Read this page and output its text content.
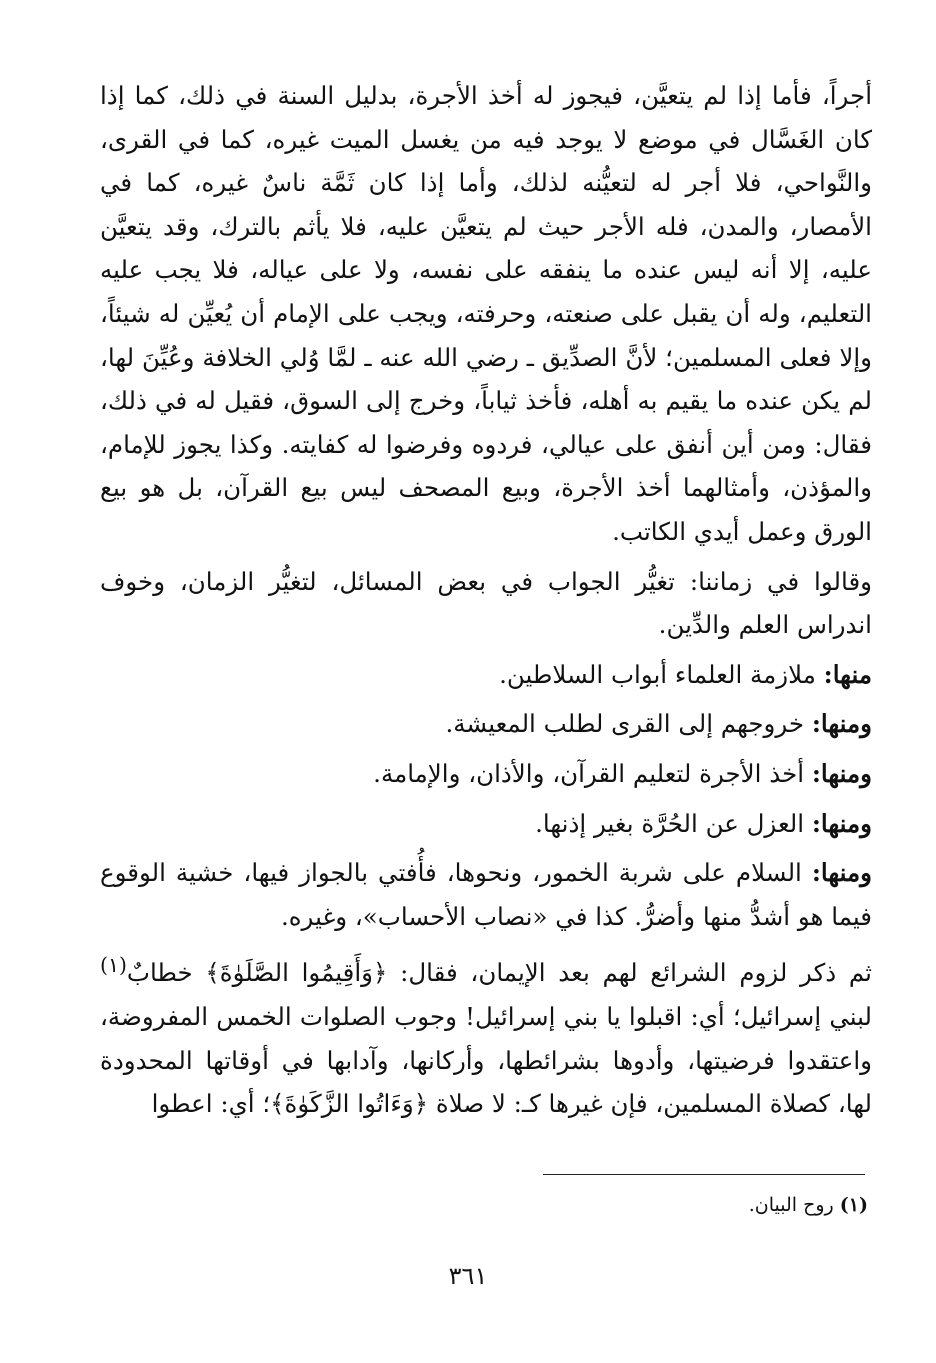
أجراً، فأما إذا لم يتعيَّن، فيجوز له أخذ الأجرة، بدليل السنة في ذلك، كما إذا كان الغَسَّال في موضع لا يوجد فيه من يغسل الميت غيره، كما في القرى، والنَّواحي، فلا أجر له لتعيُّنه لذلك، وأما إذا كان ثَمَّة ناسٌ غيره، كما في الأمصار، والمدن، فله الأجر حيث لم يتعيَّن عليه، فلا يأثم بالترك، وقد يتعيَّن عليه، إلا أنه ليس عنده ما ينفقه على نفسه، ولا على عياله، فلا يجب عليه التعليم، وله أن يقبل على صنعته، وحرفته، ويجب على الإمام أن يُعيِّن له شيئاً، وإلا فعلى المسلمين؛ لأنَّ الصدِّيق ـ رضي الله عنه ـ لمَّا وُلي الخلافة وعُيِّنَ لها، لم يكن عنده ما يقيم به أهله، فأخذ ثياباً، وخرج إلى السوق، فقيل له في ذلك، فقال: ومن أين أنفق على عيالي، فردوه وفرضوا له كفايته. وكذا يجوز للإمام، والمؤذن، وأمثالهما أخذ الأجرة، وبيع المصحف ليس بيع القرآن، بل هو بيع الورق وعمل أيدي الكاتب.

وقالوا في زماننا: تغيُّر الجواب في بعض المسائل، لتغيُّر الزمان، وخوف اندراس العلم والدِّين.

منها: ملازمة العلماء أبواب السلاطين.

ومنها: خروجهم إلى القرى لطلب المعيشة.

ومنها: أخذ الأجرة لتعليم القرآن، والأذان، والإمامة.

ومنها: العزل عن الحُرَّة بغير إذنها.

ومنها: السلام على شربة الخمور، ونحوها، فأُفتي بالجواز فيها، خشية الوقوع فيما هو أشدُّ منها وأضرُّ. كذا في «نصاب الأحساب»، وغيره.

ثم ذكر لزوم الشرائع لهم بعد الإيمان، فقال: ﴿وَأَقِيمُوا الصَّلَوٰةَ﴾ خطابٌ$^{(١)}$ لبني إسرائيل؛ أي: اقبلوا يا بني إسرائيل! وجوب الصلوات الخمس المفروضة، واعتقدوا فرضيتها، وأدوها بشرائطها، وأركانها، وآدابها في أوقاتها المحدودة لها، كصلاة المسلمين، فإن غيرها كـ: لا صلاة ﴿وَءَاتُوا الزَّكَوٰةَ﴾؛ أي: اعطوا

(١) روح البيان.
٣٦١
